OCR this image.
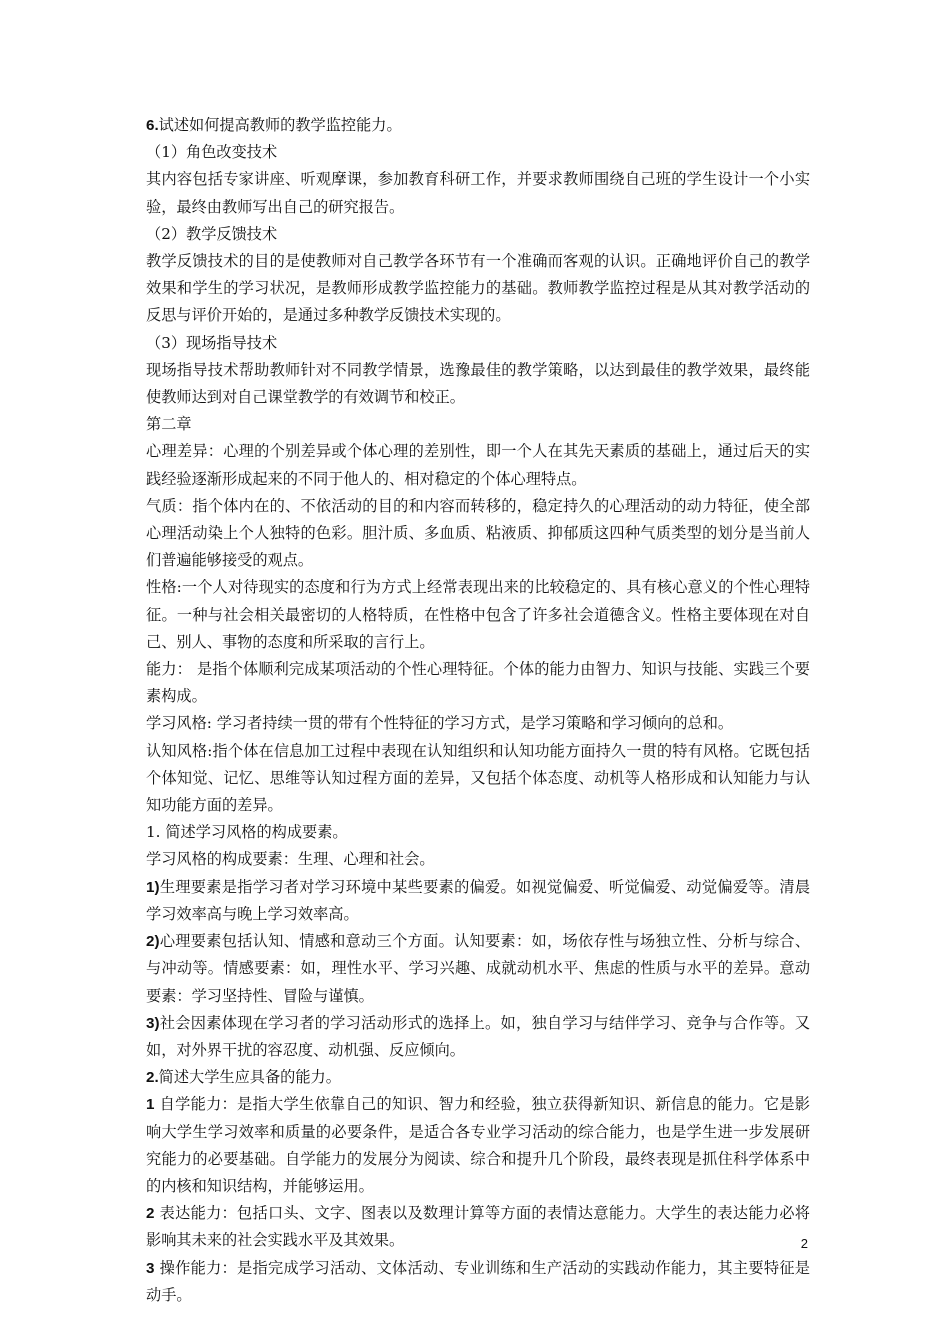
6.试述如何提高教师的教学监控能力。

（1）角色改变技术

其内容包括专家讲座、听观摩课，参加教育科研工作，并要求教师围绕自己班的学生设计一个小实验，最终由教师写出自己的研究报告。

（2）教学反馈技术

教学反馈技术的目的是使教师对自己教学各环节有一个准确而客观的认识。正确地评价自己的教学效果和学生的学习状况，是教师形成教学监控能力的基础。教师教学监控过程是从其对教学活动的反思与评价开始的，是通过多种教学反馈技术实现的。

（3）现场指导技术

现场指导技术帮助教师针对不同教学情景，选豫最佳的教学策略，以达到最佳的教学效果，最终能使教师达到对自己课堂教学的有效调节和校正。

第二章

心理差异：心理的个别差异或个体心理的差别性，即一个人在其先天素质的基础上，通过后天的实践经验逐渐形成起来的不同于他人的、相对稳定的个体心理特点。

气质：指个体内在的、不依活动的目的和内容而转移的，稳定持久的心理活动的动力特征，使全部心理活动染上个人独特的色彩。胆汁质、多血质、粘液质、抑郁质这四种气质类型的划分是当前人们普遍能够接受的观点。

性格:一个人对待现实的态度和行为方式上经常表现出来的比较稳定的、具有核心意义的个性心理特征。一种与社会相关最密切的人格特质，在性格中包含了许多社会道德含义。性格主要体现在对自己、别人、事物的态度和所采取的言行上。

能力： 是指个体顺利完成某项活动的个性心理特征。个体的能力由智力、知识与技能、实践三个要素构成。

学习风格: 学习者持续一贯的带有个性特征的学习方式，是学习策略和学习倾向的总和。

认知风格:指个体在信息加工过程中表现在认知组织和认知功能方面持久一贯的特有风格。它既包括个体知觉、记忆、思维等认知过程方面的差异，又包括个体态度、动机等人格形成和认知能力与认知功能方面的差异。

1. 简述学习风格的构成要素。

学习风格的构成要素：生理、心理和社会。

1)生理要素是指学习者对学习环境中某些要素的偏爱。如视觉偏爱、听觉偏爱、动觉偏爱等。清晨学习效率高与晚上学习效率高。

2)心理要素包括认知、情感和意动三个方面。认知要素：如，场依存性与场独立性、分析与综合、与冲动等。情感要素：如，理性水平、学习兴趣、成就动机水平、焦虑的性质与水平的差异。意动要素：学习坚持性、冒险与谨慎。

3)社会因素体现在学习者的学习活动形式的选择上。如，独自学习与结伴学习、竞争与合作等。又如，对外界干扰的容忍度、动机强、反应倾向。

2.简述大学生应具备的能力。

1 自学能力：是指大学生依靠自己的知识、智力和经验，独立获得新知识、新信息的能力。它是影响大学生学习效率和质量的必要条件，是适合各专业学习活动的综合能力，也是学生进一步发展研究能力的必要基础。自学能力的发展分为阅读、综合和提升几个阶段，最终表现是抓住科学体系中的内核和知识结构，并能够运用。

2 表达能力：包括口头、文字、图表以及数理计算等方面的表情达意能力。大学生的表达能力必将影响其未来的社会实践水平及其效果。

3 操作能力：是指完成学习活动、文体活动、专业训练和生产活动的实践动作能力，其主要特征是动手。

2
